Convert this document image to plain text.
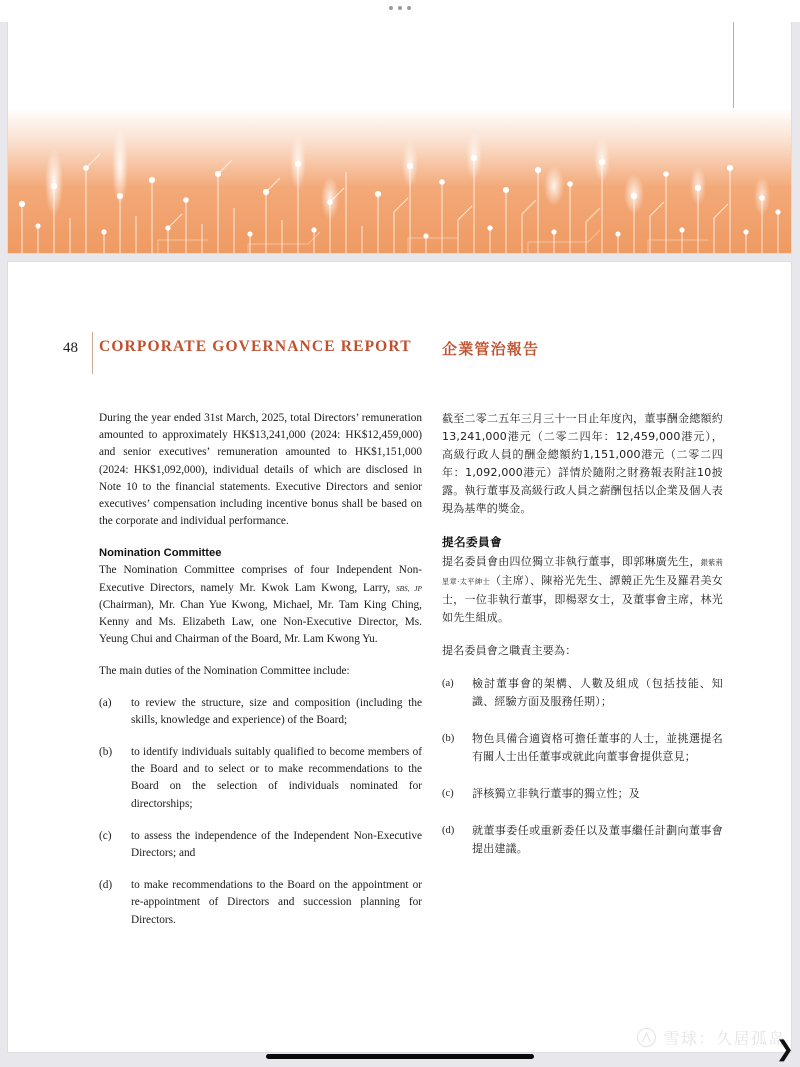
48 CORPORATE GOVERNANCE REPORT 企業管治報告
During the year ended 31st March, 2025, total Directors’ remuneration amounted to approximately HK$13,241,000 (2024: HK$12,459,000) and senior executives’ remuneration amounted to HK$1,151,000 (2024: HK$1,092,000), individual details of which are disclosed in Note 10 to the financial statements. Executive Directors and senior executives’ compensation including incentive bonus shall be based on the corporate and individual performance.
Nomination Committee
The Nomination Committee comprises of four Independent Non-Executive Directors, namely Mr. Kwok Lam Kwong, Larry, SBS, JP (Chairman), Mr. Chan Yue Kwong, Michael, Mr. Tam King Ching, Kenny and Ms. Elizabeth Law, one Non-Executive Director, Ms. Yeung Chui and Chairman of the Board, Mr. Lam Kwong Yu.
The main duties of the Nomination Committee include:
(a)	to review the structure, size and composition (including the skills, knowledge and experience) of the Board;
(b)	to identify individuals suitably qualified to become members of the Board and to select or to make recommendations to the Board on the selection of individuals nominated for directorships;
(c)	to assess the independence of the Independent Non-Executive Directors; and
(d)	to make recommendations to the Board on the appointment or re-appointment of Directors and succession planning for Directors.
截至二零二五年三月三十一日止年度內，董事酬金總額約13,241,000港元（二零二四年：12,459,000港元），高級行政人員的酬金總額約1,151,000港元（二零二四年：1,092,000港元）詳情於隨附之財務報表附註10披露。執行董事及高級行政人員之薪酬包括以企業及個人表現為基準的獎金。
提名委員會
提名委員會由四位獨立非執行董事，即郭琳廣先生，銀紫荊星章‧太平紳士（主席）、陳裕光先生、譚競正先生及羅君美女士，一位非執行董事，即楊翠女士，及董事會主席，林光如先生組成。
提名委員會之職責主要為：
(a)	檢討董事會的架構、人數及組成（包括技能、知識、經驗方面及服務任期）；
(b)	物色具備合適資格可擔任董事的人士，並挑選提名有關人士出任董事或就此向董事會提供意見；
(c)	評核獨立非執行董事的獨立性；及
(d)	就董事委任或重新委任以及董事繼任計劃向董事會提出建議。
雪球：久居孤岛
❯
